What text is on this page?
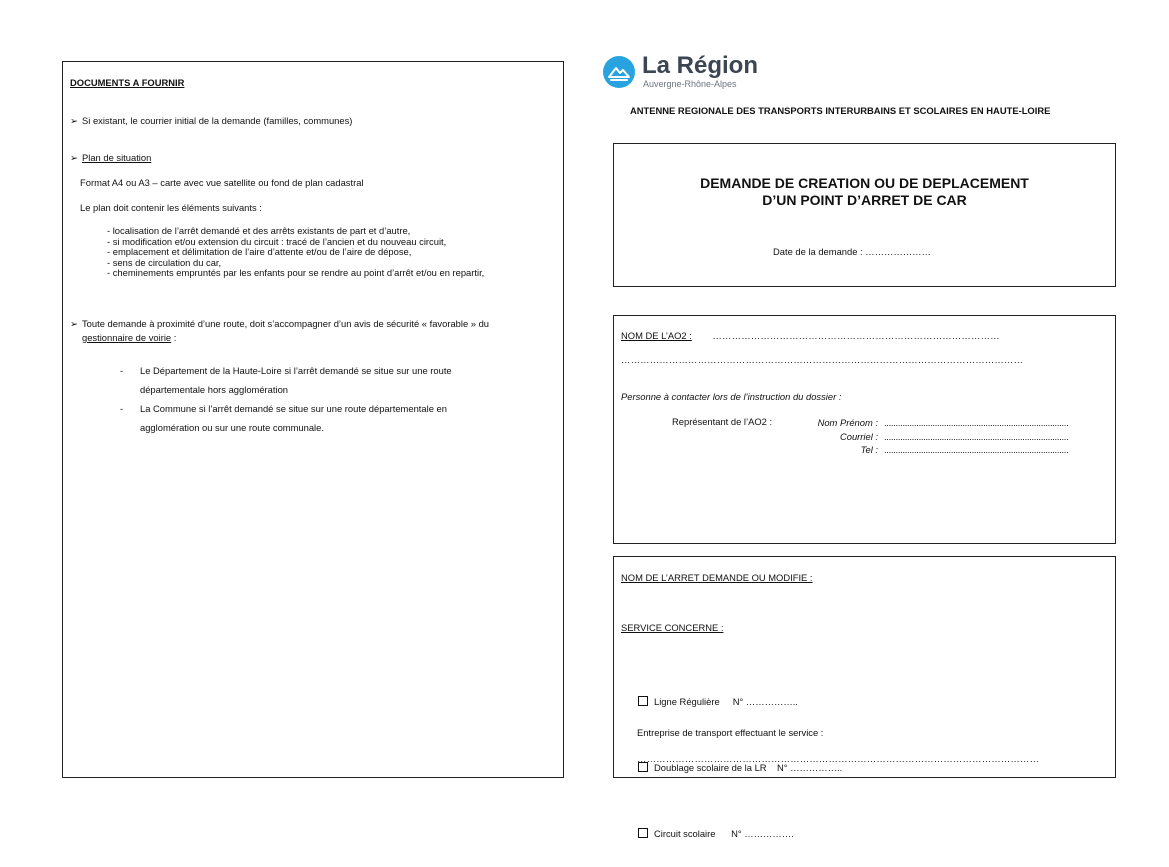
DOCUMENTS A FOURNIR
➢ Si existant, le courrier initial de la demande (familles, communes)
➢ Plan de situation
Format A4 ou A3 – carte avec vue satellite ou fond de plan cadastral
Le plan doit contenir les éléments suivants :
- localisation de l’arrêt demandé et des arrêts existants de part et d’autre,
- si modification et/ou extension du circuit : tracé de l’ancien et du nouveau circuit,
- emplacement et délimitation de l’aire d’attente et/ou de l’aire de dépose,
- sens de circulation du car,
- cheminements empruntés par les enfants pour se rendre au point d’arrêt et/ou en repartir,
➢ Toute demande à proximité d’une route, doit s’accompagner d’un avis de sécurité « favorable » du
gestionnaire de voirie :
- Le Département de la Haute-Loire si l’arrêt demandé se situe sur une route
départementale hors agglomération
- La Commune si l’arrêt demandé se situe sur une route départementale en
agglomération ou sur une route communale.
La Région
Auvergne-Rhône-Alpes
ANTENNE REGIONALE DES TRANSPORTS INTERURBAINS ET SCOLAIRES EN HAUTE-LOIRE
DEMANDE DE CREATION OU DE DEPLACEMENT
D’UN POINT D’ARRET DE CAR
Date de la demande : …………………
NOM DE L’AO2 : ………………………………………………………………………………
………………………………………………………………………………………………………………
Personne à contacter lors de l’instruction du dossier :
Représentant de l’AO2 :	Nom Prénom :
Courriel :
Tel :
................................................................................
................................................................................
................................................................................
NOM DE L’ARRET DEMANDE OU MODIFIE :
SERVICE CONCERNE :

Ligne Régulière     N° ……………..

Doublage scolaire de la LR    N° ……………..

Circuit scolaire      N° …………….

Entreprise de transport effectuant le service :
………………………………………………………………………………………………………………
